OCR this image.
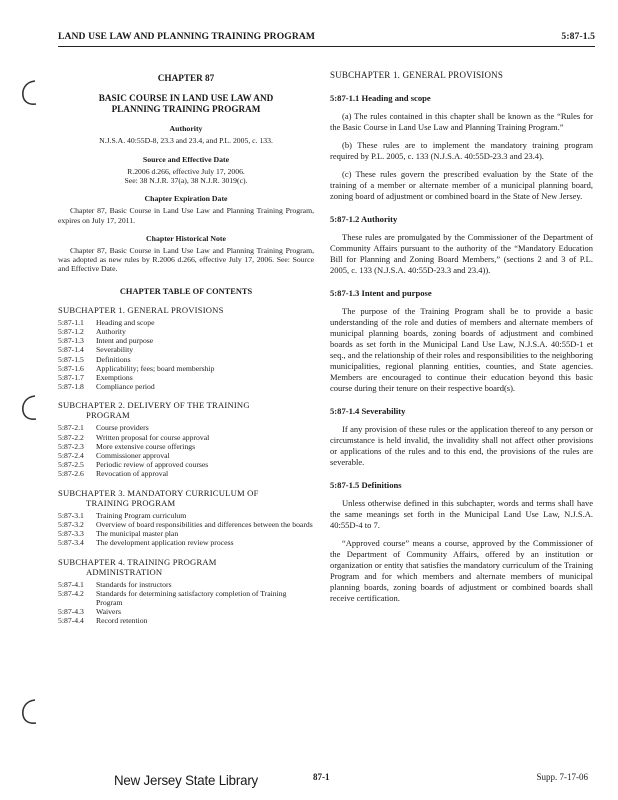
LAND USE LAW AND PLANNING TRAINING PROGRAM	5:87-1.5
CHAPTER 87
BASIC COURSE IN LAND USE LAW AND PLANNING TRAINING PROGRAM
Authority
N.J.S.A. 40:55D-8, 23.3 and 23.4, and P.L. 2005, c. 133.
Source and Effective Date
R.2006 d.266, effective July 17, 2006.
See: 38 N.J.R. 37(a), 38 N.J.R. 3019(c).
Chapter Expiration Date
Chapter 87, Basic Course in Land Use Law and Planning Training Program, expires on July 17, 2011.
Chapter Historical Note
Chapter 87, Basic Course in Land Use Law and Planning Training Program, was adopted as new rules by R.2006 d.266, effective July 17, 2006. See: Source and Effective Date.
CHAPTER TABLE OF CONTENTS
SUBCHAPTER 1. GENERAL PROVISIONS
5:87-1.1	Heading and scope
5:87-1.2	Authority
5:87-1.3	Intent and purpose
5:87-1.4	Severability
5:87-1.5	Definitions
5:87-1.6	Applicability; fees; board membership
5:87-1.7	Exemptions
5:87-1.8	Compliance period
SUBCHAPTER 2. DELIVERY OF THE TRAINING
PROGRAM
5:87-2.1	Course providers
5:87-2.2	Written proposal for course approval
5:87-2.3	More extensive course offerings
5:87-2.4	Commissioner approval
5:87-2.5	Periodic review of approved courses
5:87-2.6	Revocation of approval
SUBCHAPTER 3. MANDATORY CURRICULUM OF
TRAINING PROGRAM
5:87-3.1	Training Program curriculum
5:87-3.2	Overview of board responsibilities and differences between the boards
5:87-3.3	The municipal master plan
5:87-3.4	The development application review process
SUBCHAPTER 4. TRAINING PROGRAM
ADMINISTRATION
5:87-4.1	Standards for instructors
5:87-4.2	Standards for determining satisfactory completion of Training Program
5:87-4.3	Waivers
5:87-4.4	Record retention
SUBCHAPTER 1. GENERAL PROVISIONS
5:87-1.1 Heading and scope
(a) The rules contained in this chapter shall be known as the “Rules for the Basic Course in Land Use Law and Planning Training Program.”
(b) These rules are to implement the mandatory training program required by P.L. 2005, c. 133 (N.J.S.A. 40:55D-23.3 and 23.4).
(c) These rules govern the prescribed evaluation by the State of the training of a member or alternate member of a municipal planning board, zoning board of adjustment or combined board in the State of New Jersey.
5:87-1.2 Authority
These rules are promulgated by the Commissioner of the Department of Community Affairs pursuant to the authority of the “Mandatory Education Bill for Planning and Zoning Board Members,” (sections 2 and 3 of P.L. 2005, c. 133 (N.J.S.A. 40:55D-23.3 and 23.4)).
5:87-1.3 Intent and purpose
The purpose of the Training Program shall be to provide a basic understanding of the role and duties of members and alternate members of municipal planning boards, zoning boards of adjustment and combined boards as set forth in the Municipal Land Use Law, N.J.S.A. 40:55D-1 et seq., and the relationship of their roles and responsibilities to the neighboring municipalities, regional planning entities, counties, and State agencies. Members are encouraged to continue their education beyond this basic course during their tenure on their respective board(s).
5:87-1.4 Severability
If any provision of these rules or the application thereof to any person or circumstance is held invalid, the invalidity shall not affect other provisions or applications of the rules and to this end, the provisions of the rules are severable.
5:87-1.5 Definitions
Unless otherwise defined in this subchapter, words and terms shall have the same meanings set forth in the Municipal Land Use Law, N.J.S.A. 40:55D-4 to 7.
“Approved course” means a course, approved by the Commissioner of the Department of Community Affairs, offered by an institution or organization or entity that satisfies the mandatory curriculum of the Training Program and for which members and alternate members of municipal planning boards, zoning boards of adjustment or combined boards shall receive certification.
New Jersey State Library	87-1	Supp. 7-17-06
